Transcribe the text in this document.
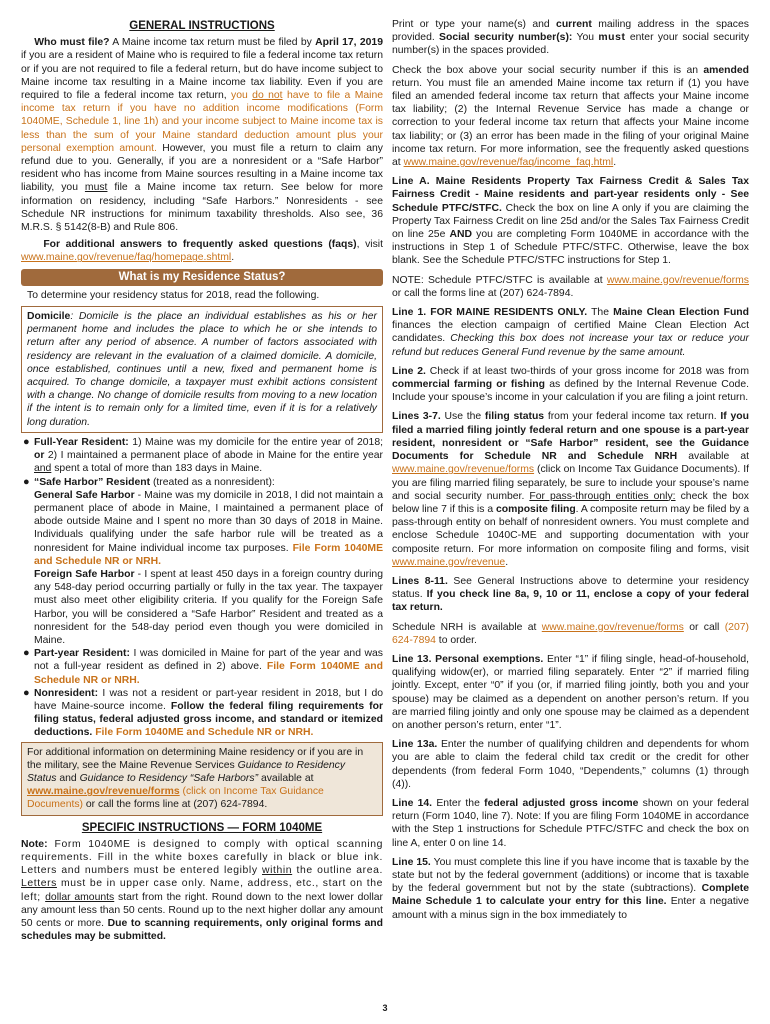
GENERAL INSTRUCTIONS

Who must file? A Maine income tax return must be filed by April 17, 2019 if you are a resident of Maine who is required to file a federal income tax return or if you are not required to file a federal return, but do have income subject to Maine income tax resulting in a Maine income tax liability. Even if you are required to file a federal income tax return, you do not have to file a Maine income tax return if you have no addition income modifications (Form 1040ME, Schedule 1, line 1h) and your income subject to Maine income tax is less than the sum of your Maine standard deduction amount plus your personal exemption amount. However, you must file a return to claim any refund due to you. Generally, if you are a nonresident or a “Safe Harbor” resident who has income from Maine sources resulting in a Maine income tax liability, you must file a Maine income tax return. See below for more information on residency, including “Safe Harbors.” Nonresidents - see Schedule NR instructions for minimum taxability thresholds. Also see, 36 M.R.S. § 5142(8-B) and Rule 806.

For additional answers to frequently asked questions (faqs), visit www.maine.gov/revenue/faq/homepage.shtml.

What is my Residence Status?

To determine your residency status for 2018, read the following.

Domicile: Domicile is the place an individual establishes as his or her permanent home and includes the place to which he or she intends to return after any period of absence. A number of factors associated with residency are relevant in the evaluation of a claimed domicile. A domicile, once established, continues until a new, fixed and permanent home is acquired. To change domicile, a taxpayer must exhibit actions consistent with a change. No change of domicile results from moving to a new location if the intent is to remain only for a limited time, even if it is for a relatively long duration.

● Full-Year Resident: 1) Maine was my domicile for the entire year of 2018; or 2) I maintained a permanent place of abode in Maine for the entire year and spent a total of more than 183 days in Maine.
● “Safe Harbor” Resident (treated as a nonresident):
General Safe Harbor - Maine was my domicile in 2018, I did not maintain a permanent place of abode in Maine, I maintained a permanent place of abode outside Maine and I spent no more than 30 days of 2018 in Maine. Individuals qualifying under the safe harbor rule will be treated as a nonresident for Maine individual income tax purposes. File Form 1040ME and Schedule NR or NRH.
Foreign Safe Harbor - I spent at least 450 days in a foreign country during any 548-day period occurring partially or fully in the tax year. The taxpayer must also meet other eligibility criteria. If you qualify for the Foreign Safe Harbor, you will be considered a “Safe Harbor” Resident and treated as a nonresident for the 548-day period even though you were domiciled in Maine.
● Part-year Resident: I was domiciled in Maine for part of the year and was not a full-year resident as defined in 2) above. File Form 1040ME and Schedule NR or NRH.
● Nonresident: I was not a resident or part-year resident in 2018, but I do have Maine-source income. Follow the federal filing requirements for filing status, federal adjusted gross income, and standard or itemized deductions. File Form 1040ME and Schedule NR or NRH.
For additional information on determining Maine residency or if you are in the military, see the Maine Revenue Services Guidance to Residency Status and Guidance to Residency “Safe Harbors” available at www.maine.gov/revenue/forms (click on Income Tax Guidance Documents) or call the forms line at (207) 624-7894.
SPECIFIC INSTRUCTIONS — FORM 1040ME

Note: Form 1040ME is designed to comply with optical scanning requirements. Fill in the white boxes carefully in black or blue ink. Letters and numbers must be entered legibly within the outline area. Letters must be in upper case only. Name, address, etc., start on the left; dollar amounts start from the right. Round down to the next lower dollar any amount less than 50 cents. Round up to the next higher dollar any amount 50 cents or more. Due to scanning requirements, only original forms and schedules may be submitted.

Print or type your name(s) and current mailing address in the spaces provided. Social security number(s): You must enter your social security number(s) in the spaces provided.

Check the box above your social security number if this is an amended return. You must file an amended Maine income tax return if (1) you have filed an amended federal income tax return that affects your Maine income tax liability; (2) the Internal Revenue Service has made a change or correction to your federal income tax return that affects your Maine income tax liability; or (3) an error has been made in the filing of your original Maine income tax return. For more information, see the frequently asked questions at www.maine.gov/revenue/faq/income_faq.html.

Line A. Maine Residents Property Tax Fairness Credit & Sales Tax Fairness Credit - Maine residents and part-year residents only - See Schedule PTFC/STFC. Check the box on line A only if you are claiming the Property Tax Fairness Credit on line 25d and/or the Sales Tax Fairness Credit on line 25e AND you are completing Form 1040ME in accordance with the instructions in Step 1 of Schedule PTFC/STFC. Otherwise, leave the box blank. See the Schedule PTFC/STFC instructions for Step 1.

NOTE: Schedule PTFC/STFC is available at www.maine.gov/revenue/forms or call the forms line at (207) 624-7894.

Line 1. FOR MAINE RESIDENTS ONLY. The Maine Clean Election Fund finances the election campaign of certified Maine Clean Election Act candidates. Checking this box does not increase your tax or reduce your refund but reduces General Fund revenue by the same amount.

Line 2. Check if at least two-thirds of your gross income for 2018 was from commercial farming or fishing as defined by the Internal Revenue Code. Include your spouse’s income in your calculation if you are filing a joint return.

Lines 3-7. Use the filing status from your federal income tax return. If you filed a married filing jointly federal return and one spouse is a part-year resident, nonresident or “Safe Harbor” resident, see the Guidance Documents for Schedule NR and Schedule NRH available at www.maine.gov/revenue/forms (click on Income Tax Guidance Documents). If you are filing married filing separately, be sure to include your spouse’s name and social security number. For pass-through entities only: check the box below line 7 if this is a composite filing. A composite return may be filed by a pass-through entity on behalf of nonresident owners. You must complete and enclose Schedule 1040C-ME and supporting documentation with your composite return. For more information on composite filing and forms, visit www.maine.gov/revenue.

Lines 8-11. See General Instructions above to determine your residency status. If you check line 8a, 9, 10 or 11, enclose a copy of your federal tax return.

Schedule NRH is available at www.maine.gov/revenue/forms or call (207) 624-7894 to order.

Line 13. Personal exemptions. Enter “1” if filing single, head-of-household, qualifying widow(er), or married filing separately. Enter “2” if married filing jointly. Except, enter “0” if you (or, if married filing jointly, both you and your spouse) may be claimed as a dependent on another person’s return. If you are married filing jointly and only one spouse may be claimed as a dependent on another person’s return, enter “1”.

Line 13a. Enter the number of qualifying children and dependents for whom you are able to claim the federal child tax credit or the credit for other dependents (from federal Form 1040, “Dependents,” columns (1) through (4)).

Line 14. Enter the federal adjusted gross income shown on your federal return (Form 1040, line 7). Note: If you are filing Form 1040ME in accordance with the Step 1 instructions for Schedule PTFC/STFC and check the box on line A, enter 0 on line 14.

Line 15. You must complete this line if you have income that is taxable by the state but not by the federal government (additions) or income that is taxable by the federal government but not by the state (subtractions). Complete Maine Schedule 1 to calculate your entry for this line. Enter a negative amount with a minus sign in the box immediately to

3
